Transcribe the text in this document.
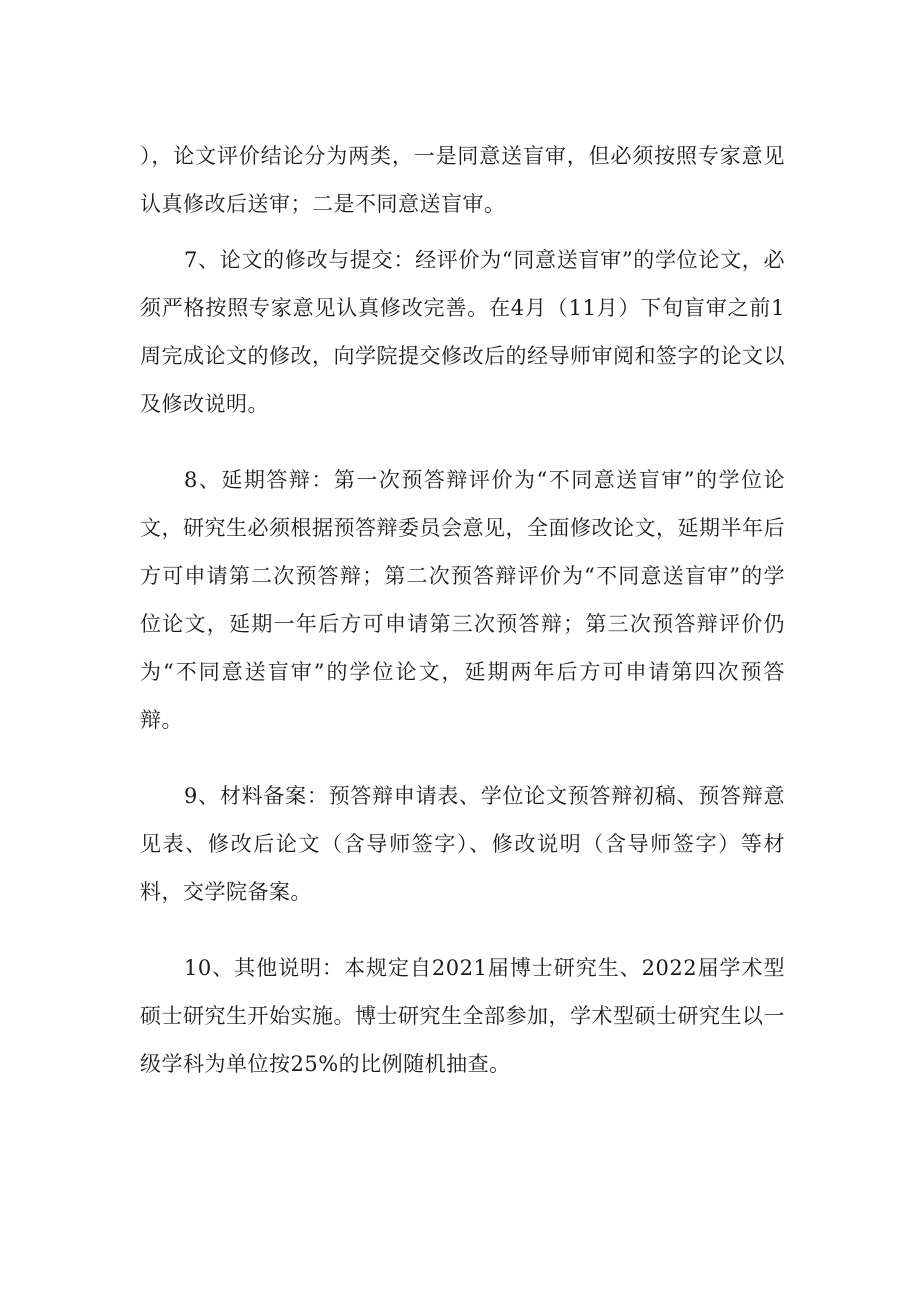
），论文评价结论分为两类，一是同意送盲审，但必须按照专家意见认真修改后送审；二是不同意送盲审。

7、论文的修改与提交：经评价为“同意送盲审”的学位论文，必须严格按照专家意见认真修改完善。在4月（11月）下旬盲审之前1周完成论文的修改，向学院提交修改后的经导师审阅和签字的论文以及修改说明。

8、延期答辩：第一次预答辩评价为“不同意送盲审”的学位论文，研究生必须根据预答辩委员会意见，全面修改论文，延期半年后方可申请第二次预答辩；第二次预答辩评价为“不同意送盲审”的学位论文，延期一年后方可申请第三次预答辩；第三次预答辩评价仍为“不同意送盲审”的学位论文，延期两年后方可申请第四次预答辩。

9、材料备案：预答辩申请表、学位论文预答辩初稿、预答辩意见表、修改后论文（含导师签字）、修改说明（含导师签字）等材料，交学院备案。

10、其他说明：本规定自2021届博士研究生、2022届学术型硕士研究生开始实施。博士研究生全部参加，学术型硕士研究生以一级学科为单位按25%的比例随机抽查。
